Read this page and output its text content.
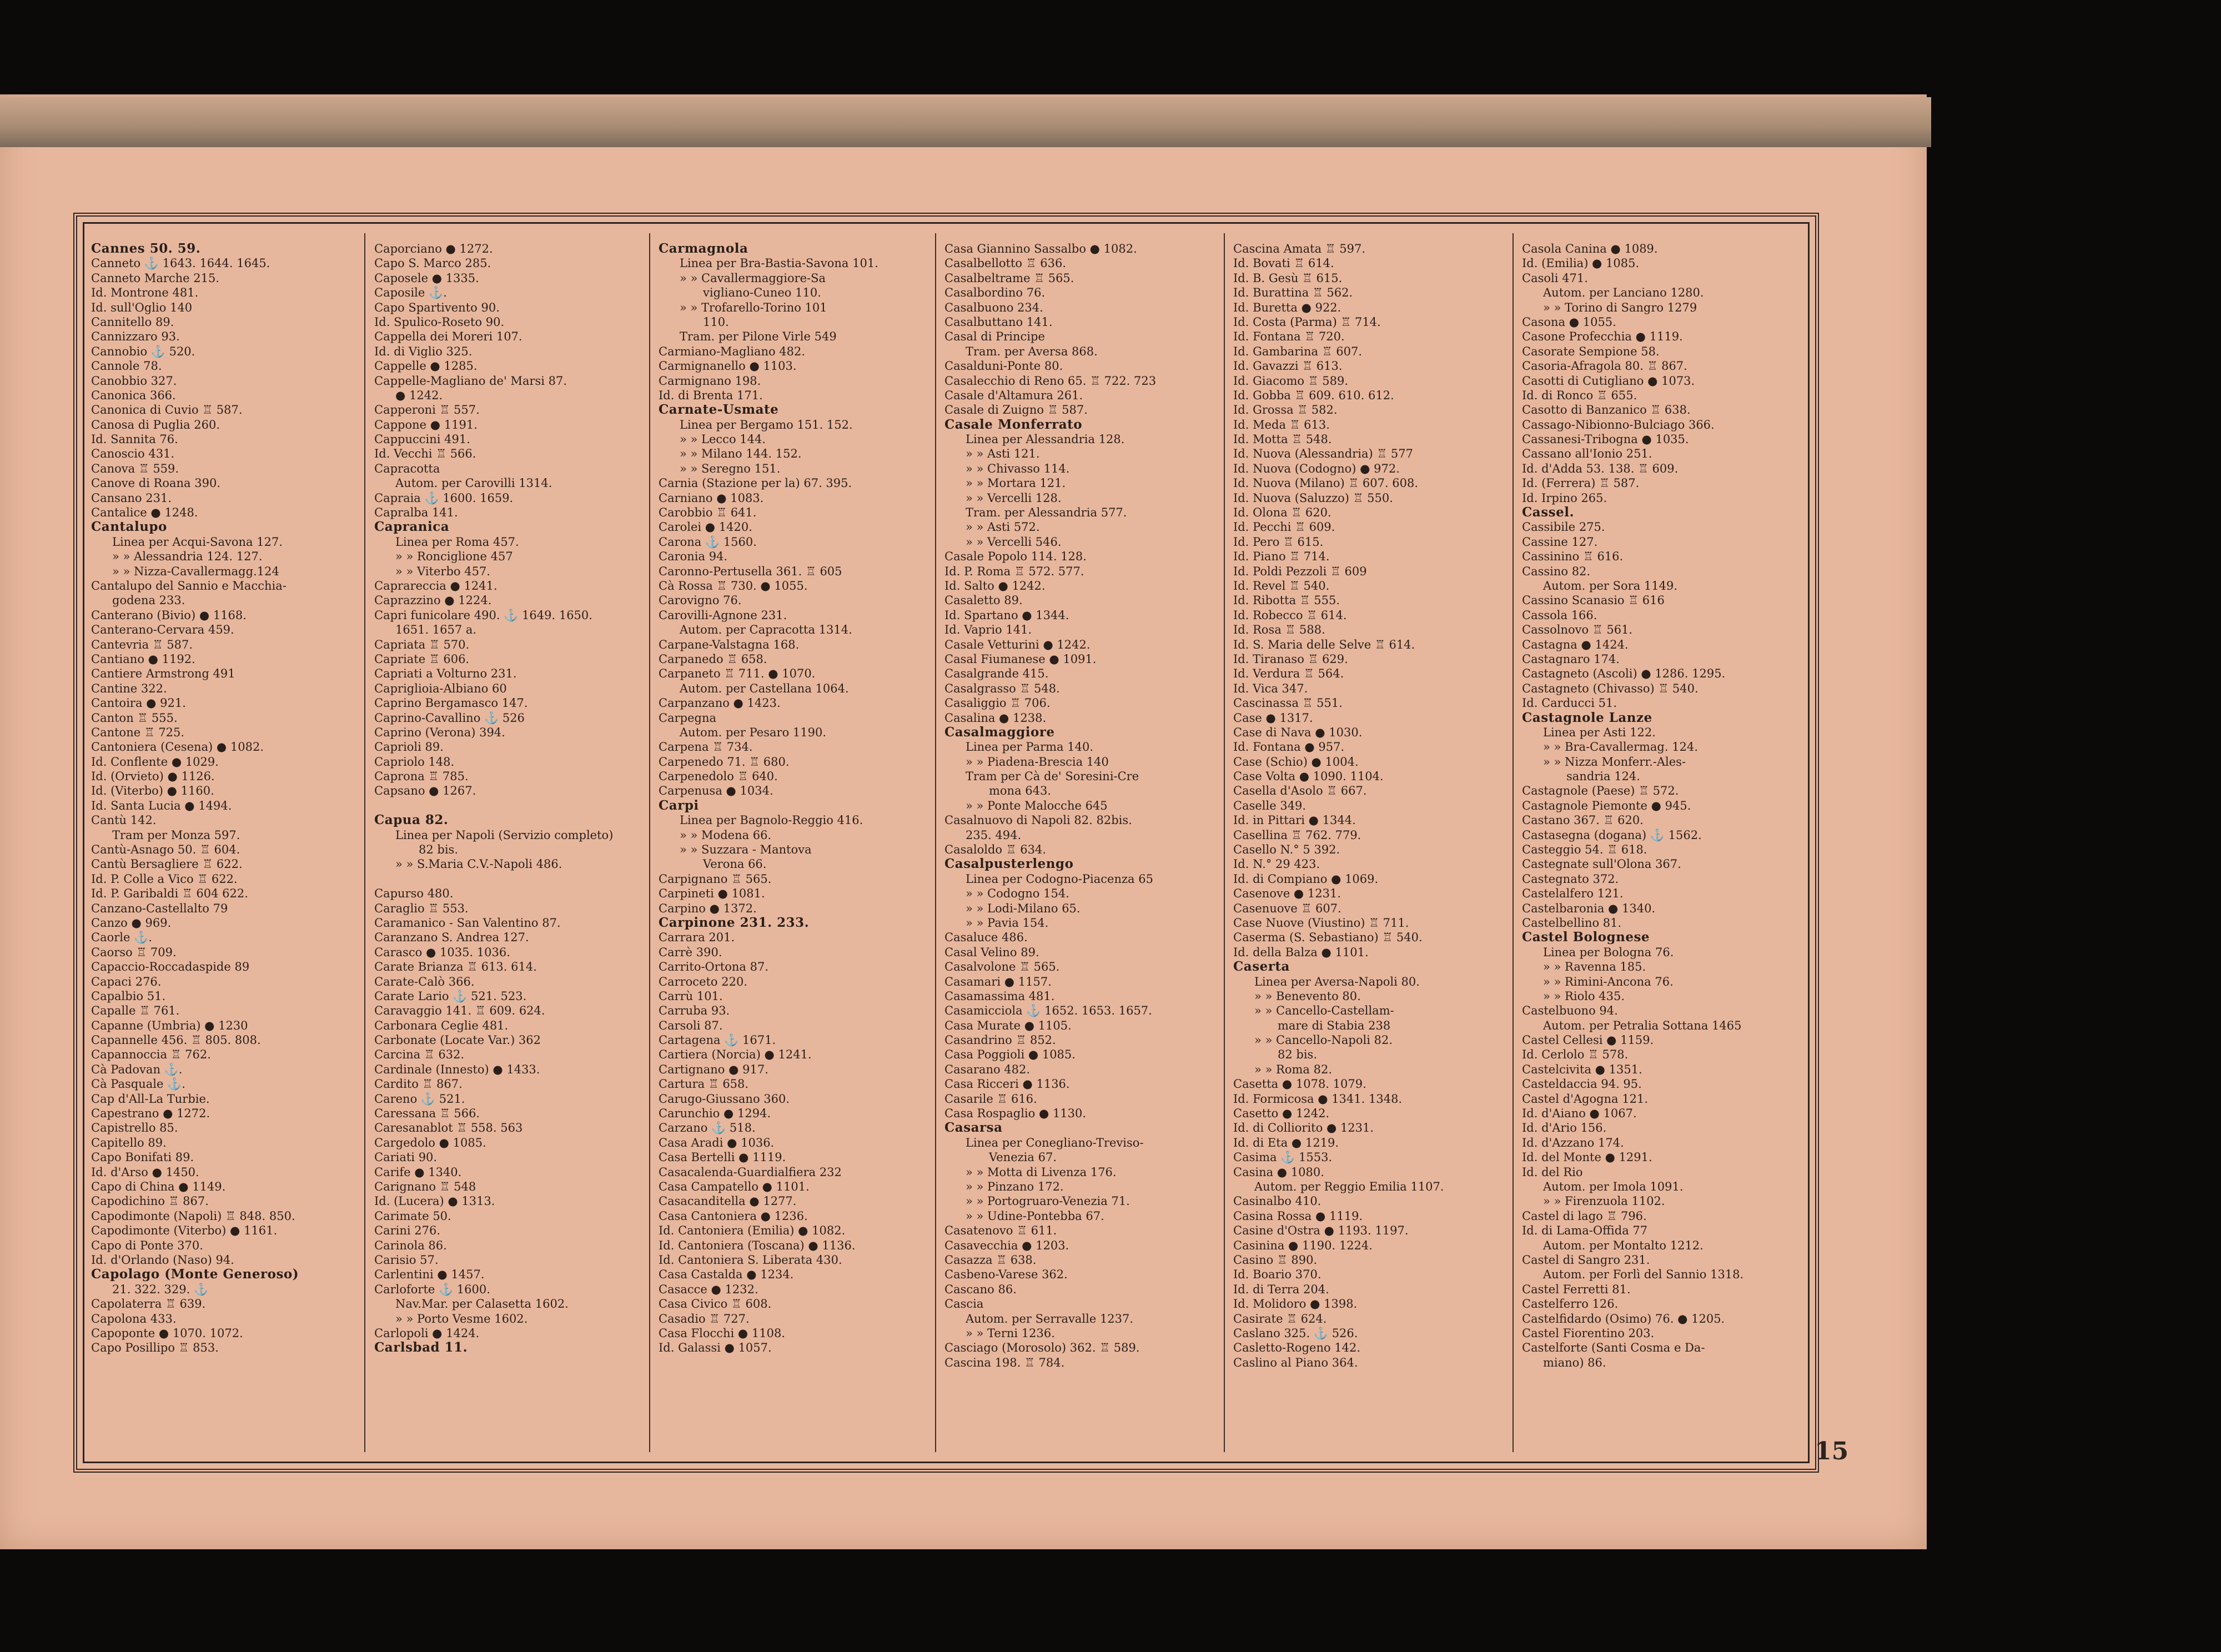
Cannes 50. 59.
Canneto ⚓ 1643. 1644. 1645.
Canneto Marche 215.
Id. Montrone 481.
Id. sull'Oglio 140
Cannitello 89.
Cannizzaro 93.
Cannobio ⚓ 520.
Cannole 78.
Canobbio 327.
Canonica 366.
Canonica di Cuvio ♖ 587.
Canosa di Puglia 260.
Id. Sannita 76.
Canoscio 431.
Canova ♖ 559.
Canove di Roana 390.
Cansano 231.
Cantalice ● 1248.
Cantalupo
Linea per Acqui-Savona 127.
» » Alessandria 124. 127.
» » Nizza-Cavallermagg.124
Cantalupo del Sannio e Macchia-
godena 233.
Canterano (Bivio) ● 1168.
Canterano-Cervara 459.
Cantevria ♖ 587.
Cantiano ● 1192.
Cantiere Armstrong 491
Cantine 322.
Cantoira ● 921.
Canton ♖ 555.
Cantone ♖ 725.
Cantoniera (Cesena) ● 1082.
Id. Conflente ● 1029.
Id. (Orvieto) ● 1126.
Id. (Viterbo) ● 1160.
Id. Santa Lucia ● 1494.
Cantù 142.
Tram per Monza 597.
Cantù-Asnago 50. ♖ 604.
Cantù Bersagliere ♖ 622.
Id. P. Colle a Vico ♖ 622.
Id. P. Garibaldi ♖ 604 622.
Canzano-Castellalto 79
Canzo ● 969.
Caorle ⚓.
Caorso ♖ 709.
Capaccio-Roccadaspide 89
Capaci 276.
Capalbio 51.
Capalle ♖ 761.
Capanne (Umbria) ● 1230
Capannelle 456. ♖ 805. 808.
Capannoccia ♖ 762.
Cà Padovan ⚓.
Cà Pasquale ⚓.
Cap d'All-La Turbie.
Capestrano ● 1272.
Capistrello 85.
Capitello 89.
Capo Bonifati 89.
Id. d'Arso ● 1450.
Capo di China ● 1149.
Capodichino ♖ 867.
Capodimonte (Napoli) ♖ 848. 850.
Capodimonte (Viterbo) ● 1161.
Capo di Ponte 370.
Id. d'Orlando (Naso) 94.
Capolago (Monte Generoso)
21. 322. 329. ⚓
Capolaterra ♖ 639.
Capolona 433.
Capoponte ● 1070. 1072.
Capo Posillipo ♖ 853.
Caporciano ● 1272.
Capo S. Marco 285.
Caposele ● 1335.
Caposile ⚓.
Capo Spartivento 90.
Id. Spulico-Roseto 90.
Cappella dei Moreri 107.
Id. di Viglio 325.
Cappelle ● 1285.
Cappelle-Magliano de' Marsi 87.
● 1242.
Capperoni ♖ 557.
Cappone ● 1191.
Cappuccini 491.
Id. Vecchi ♖ 566.
Capracotta
Autom. per Carovilli 1314.
Capraia ⚓ 1600. 1659.
Capralba 141.
Capranica
Linea per Roma 457.
» » Ronciglione 457
» » Viterbo 457.
Caprareccia ● 1241.
Caprazzino ● 1224.
Capri funicolare 490. ⚓ 1649. 1650.
1651. 1657 a.
Capriata ♖ 570.
Capriate ♖ 606.
Capriati a Volturno 231.
Capriglioia-Albiano 60
Caprino Bergamasco 147.
Caprino-Cavallino ⚓ 526
Caprino (Verona) 394.
Caprioli 89.
Capriolo 148.
Caprona ♖ 785.
Capsano ● 1267.
Capua 82.
Linea per Napoli (Servizio completo)
82 bis.
» » S.Maria C.V.-Napoli 486.
Capurso 480.
Caraglio ♖ 553.
Caramanico - San Valentino 87.
Caranzano S. Andrea 127.
Carasco ● 1035. 1036.
Carate Brianza ♖ 613. 614.
Carate-Calò 366.
Carate Lario ⚓ 521. 523.
Caravaggio 141. ♖ 609. 624.
Carbonara Ceglie 481.
Carbonate (Locate Var.) 362
Carcina ♖ 632.
Cardinale (Innesto) ● 1433.
Cardito ♖ 867.
Careno ⚓ 521.
Caressana ♖ 566.
Caresanablot ♖ 558. 563
Cargedolo ● 1085.
Cariati 90.
Carife ● 1340.
Carignano ♖ 548
Id. (Lucera) ● 1313.
Carimate 50.
Carini 276.
Carinola 86.
Carisio 57.
Carlentini ● 1457.
Carloforte ⚓ 1600.
Nav.Mar. per Calasetta 1602.
» » Porto Vesme 1602.
Carlopoli ● 1424.
Carlsbad 11.
Carmagnola
Linea per Bra-Bastia-Savona 101.
» » Cavallermaggiore-Sa
vigliano-Cuneo 110.
» » Trofarello-Torino 101
110.
Tram. per Pilone Virle 549
Carmiano-Magliano 482.
Carmignanello ● 1103.
Carmignano 198.
Id. di Brenta 171.
Carnate-Usmate
Linea per Bergamo 151. 152.
» » Lecco 144.
» » Milano 144. 152.
» » Seregno 151.
Carnia (Stazione per la) 67. 395.
Carniano ● 1083.
Carobbio ♖ 641.
Carolei ● 1420.
Carona ⚓ 1560.
Caronia 94.
Caronno-Pertusella 361. ♖ 605
Cà Rossa ♖ 730. ● 1055.
Carovigno 76.
Carovilli-Agnone 231.
Autom. per Capracotta 1314.
Carpane-Valstagna 168.
Carpanedo ♖ 658.
Carpaneto ♖ 711. ● 1070.
Autom. per Castellana 1064.
Carpanzano ● 1423.
Carpegna
Autom. per Pesaro 1190.
Carpena ♖ 734.
Carpenedo 71. ♖ 680.
Carpenedolo ♖ 640.
Carpenusa ● 1034.
Carpi
Linea per Bagnolo-Reggio 416.
» » Modena 66.
» » Suzzara - Mantova
Verona 66.
Carpignano ♖ 565.
Carpineti ● 1081.
Carpino ● 1372.
Carpinone 231. 233.
Carrara 201.
Carrè 390.
Carrito-Ortona 87.
Carroceto 220.
Carrù 101.
Carruba 93.
Carsoli 87.
Cartagena ⚓ 1671.
Cartiera (Norcia) ● 1241.
Cartignano ● 917.
Cartura ♖ 658.
Carugo-Giussano 360.
Carunchio ● 1294.
Carzano ⚓ 518.
Casa Aradi ● 1036.
Casa Bertelli ● 1119.
Casacalenda-Guardialfiera 232
Casa Campatello ● 1101.
Casacanditella ● 1277.
Casa Cantoniera ● 1236.
Id. Cantoniera (Emilia) ● 1082.
Id. Cantoniera (Toscana) ● 1136.
Id. Cantoniera S. Liberata 430.
Casa Castalda ● 1234.
Casacce ● 1232.
Casa Civico ♖ 608.
Casadio ♖ 727.
Casa Flocchi ● 1108.
Id. Galassi ● 1057.
Casa Giannino Sassalbo ● 1082.
Casalbellotto ♖ 636.
Casalbeltrame ♖ 565.
Casalbordino 76.
Casalbuono 234.
Casalbuttano 141.
Casal di Principe
Tram. per Aversa 868.
Casalduni-Ponte 80.
Casalecchio di Reno 65. ♖ 722. 723
Casale d'Altamura 261.
Casale di Zuigno ♖ 587.
Casale Monferrato
Linea per Alessandria 128.
» » Asti 121.
» » Chivasso 114.
» » Mortara 121.
» » Vercelli 128.
Tram. per Alessandria 577.
» » Asti 572.
» » Vercelli 546.
Casale Popolo 114. 128.
Id. P. Roma ♖ 572. 577.
Id. Salto ● 1242.
Casaletto 89.
Id. Spartano ● 1344.
Id. Vaprio 141.
Casale Vetturini ● 1242.
Casal Fiumanese ● 1091.
Casalgrande 415.
Casalgrasso ♖ 548.
Casaliggio ♖ 706.
Casalina ● 1238.
Casalmaggiore
Linea per Parma 140.
» » Piadena-Brescia 140
Tram per Cà de' Soresini-Cre
mona 643.
» » Ponte Malocche 645
Casalnuovo di Napoli 82. 82bis.
235. 494.
Casaloldo ♖ 634.
Casalpusterlengo
Linea per Codogno-Piacenza 65
» » Codogno 154.
» » Lodi-Milano 65.
» » Pavia 154.
Casaluce 486.
Casal Velino 89.
Casalvolone ♖ 565.
Casamari ● 1157.
Casamassima 481.
Casamicciola ⚓ 1652. 1653. 1657.
Casa Murate ● 1105.
Casandrino ♖ 852.
Casa Poggioli ● 1085.
Casarano 482.
Casa Ricceri ● 1136.
Casarile ♖ 616.
Casa Rospaglio ● 1130.
Casarsa
Linea per Conegliano-Treviso-
Venezia 67.
» » Motta di Livenza 176.
» » Pinzano 172.
» » Portogruaro-Venezia 71.
» » Udine-Pontebba 67.
Casatenovo ♖ 611.
Casavecchia ● 1203.
Casazza ♖ 638.
Casbeno-Varese 362.
Cascano 86.
Cascia
Autom. per Serravalle 1237.
» » Terni 1236.
Casciago (Morosolo) 362. ♖ 589.
Cascina 198. ♖ 784.
Cascina Amata ♖ 597.
Id. Bovati ♖ 614.
Id. B. Gesù ♖ 615.
Id. Burattina ♖ 562.
Id. Buretta ● 922.
Id. Costa (Parma) ♖ 714.
Id. Fontana ♖ 720.
Id. Gambarina ♖ 607.
Id. Gavazzi ♖ 613.
Id. Giacomo ♖ 589.
Id. Gobba ♖ 609. 610. 612.
Id. Grossa ♖ 582.
Id. Meda ♖ 613.
Id. Motta ♖ 548.
Id. Nuova (Alessandria) ♖ 577
Id. Nuova (Codogno) ● 972.
Id. Nuova (Milano) ♖ 607. 608.
Id. Nuova (Saluzzo) ♖ 550.
Id. Olona ♖ 620.
Id. Pecchi ♖ 609.
Id. Pero ♖ 615.
Id. Piano ♖ 714.
Id. Poldi Pezzoli ♖ 609
Id. Revel ♖ 540.
Id. Ribotta ♖ 555.
Id. Robecco ♖ 614.
Id. Rosa ♖ 588.
Id. S. Maria delle Selve ♖ 614.
Id. Tiranaso ♖ 629.
Id. Verdura ♖ 564.
Id. Vica 347.
Cascinassa ♖ 551.
Case ● 1317.
Case di Nava ● 1030.
Id. Fontana ● 957.
Case (Schio) ● 1004.
Case Volta ● 1090. 1104.
Casella d'Asolo ♖ 667.
Caselle 349.
Id. in Pittari ● 1344.
Casellina ♖ 762. 779.
Casello N.° 5 392.
Id. N.° 29 423.
Id. di Compiano ● 1069.
Casenove ● 1231.
Casenuove ♖ 607.
Case Nuove (Viustino) ♖ 711.
Caserma (S. Sebastiano) ♖ 540.
Id. della Balza ● 1101.
Caserta
Linea per Aversa-Napoli 80.
» » Benevento 80.
» » Cancello-Castellam-
mare di Stabia 238
» » Cancello-Napoli 82.
82 bis.
» » Roma 82.
Casetta ● 1078. 1079.
Id. Formicosa ● 1341. 1348.
Casetto ● 1242.
Id. di Colliorito ● 1231.
Id. di Eta ● 1219.
Casima ⚓ 1553.
Casina ● 1080.
Autom. per Reggio Emilia 1107.
Casinalbo 410.
Casina Rossa ● 1119.
Casine d'Ostra ● 1193. 1197.
Casinina ● 1190. 1224.
Casino ♖ 890.
Id. Boario 370.
Id. di Terra 204.
Id. Molidoro ● 1398.
Casirate ♖ 624.
Caslano 325. ⚓ 526.
Casletto-Rogeno 142.
Caslino al Piano 364.
Casola Canina ● 1089.
Id. (Emilia) ● 1085.
Casoli 471.
Autom. per Lanciano 1280.
» » Torino di Sangro 1279
Casona ● 1055.
Casone Profecchia ● 1119.
Casorate Sempione 58.
Casoria-Afragola 80. ♖ 867.
Casotti di Cutigliano ● 1073.
Id. di Ronco ♖ 655.
Casotto di Banzanico ♖ 638.
Cassago-Nibionno-Bulciago 366.
Cassanesi-Tribogna ● 1035.
Cassano all'Ionio 251.
Id. d'Adda 53. 138. ♖ 609.
Id. (Ferrera) ♖ 587.
Id. Irpino 265.
Cassel.
Cassibile 275.
Cassine 127.
Cassinino ♖ 616.
Cassino 82.
Autom. per Sora 1149.
Cassino Scanasio ♖ 616
Cassola 166.
Cassolnovo ♖ 561.
Castagna ● 1424.
Castagnaro 174.
Castagneto (Ascoli) ● 1286. 1295.
Castagneto (Chivasso) ♖ 540.
Id. Carducci 51.
Castagnole Lanze
Linea per Asti 122.
» » Bra-Cavallermag. 124.
» » Nizza Monferr.-Ales-
sandria 124.
Castagnole (Paese) ♖ 572.
Castagnole Piemonte ● 945.
Castano 367. ♖ 620.
Castasegna (dogana) ⚓ 1562.
Casteggio 54. ♖ 618.
Castegnate sull'Olona 367.
Castegnato 372.
Castelalfero 121.
Castelbaronia ● 1340.
Castelbellino 81.
Castel Bolognese
Linea per Bologna 76.
» » Ravenna 185.
» » Rimini-Ancona 76.
» » Riolo 435.
Castelbuono 94.
Autom. per Petralia Sottana 1465
Castel Cellesi ● 1159.
Id. Cerlolo ♖ 578.
Castelcivita ● 1351.
Casteldaccia 94. 95.
Castel d'Agogna 121.
Id. d'Aiano ● 1067.
Id. d'Ario 156.
Id. d'Azzano 174.
Id. del Monte ● 1291.
Id. del Rio
Autom. per Imola 1091.
» » Firenzuola 1102.
Castel di lago ♖ 796.
Id. di Lama-Offida 77
Autom. per Montalto 1212.
Castel di Sangro 231.
Autom. per Forlì del Sannio 1318.
Castel Ferretti 81.
Castelferro 126.
Castelfidardo (Osimo) 76. ● 1205.
Castel Fiorentino 203.
Castelforte (Santi Cosma e Da-
miano) 86.
15
